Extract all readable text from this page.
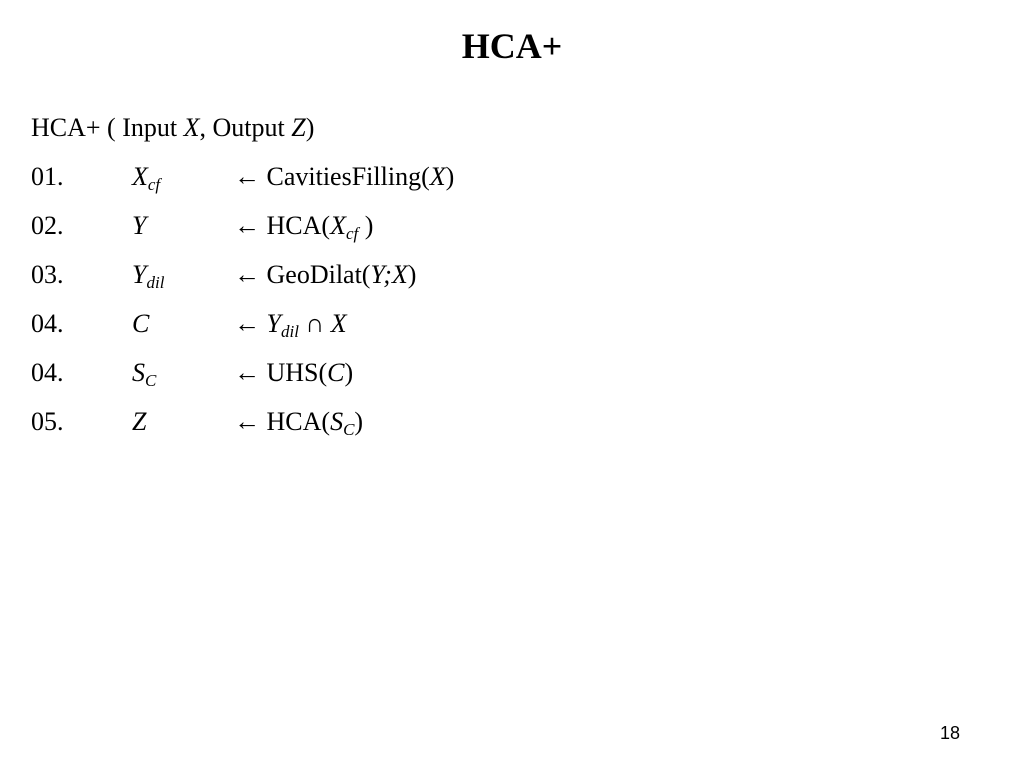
HCA+
HCA+ ( Input X, Output Z)
01.	$X_{cf}$	← CavitiesFilling(X)
02.	Y	← $HCA(X_{cf}$ )
03.	$Y_{dil}$	← GeoDilat(Y;X)
04.	C	← $Y_{dil}$ ∩ X
04.	$S_C$	← UHS(C)
05.	Z	← $HCA(S_C)$
18
